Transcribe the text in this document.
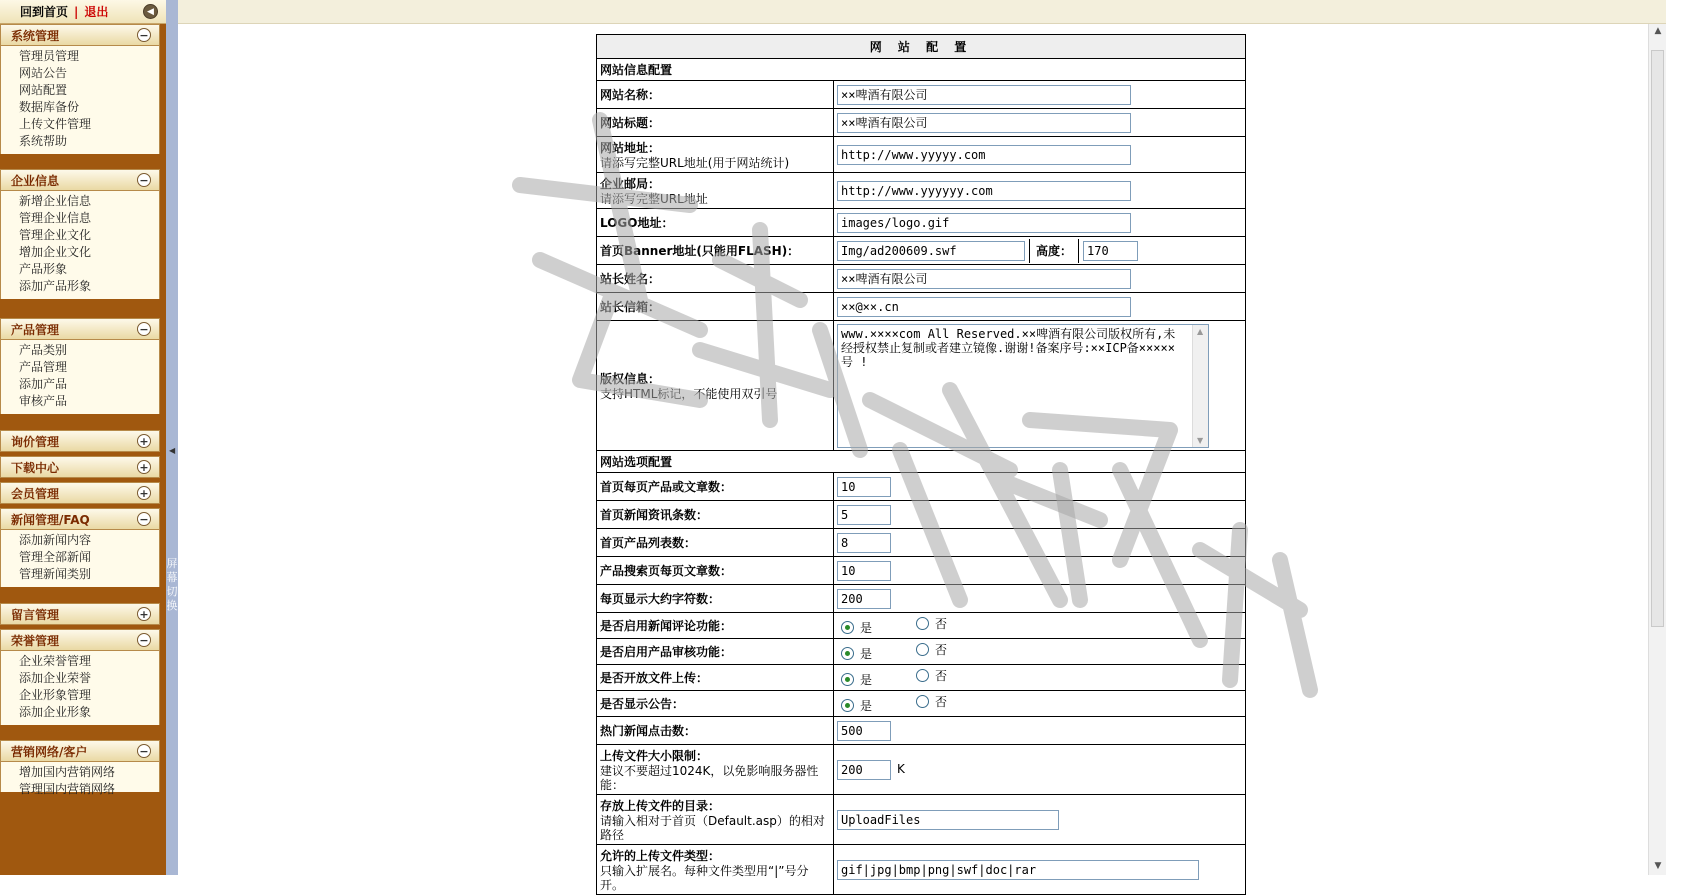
回到首页 | 退出	◀
系统管理	−
管理员管理
网站公告
网站配置
数据库备份
上传文件管理
系统帮助
企业信息	−
新增企业信息
管理企业信息
管理企业文化
增加企业文化
产品形象
添加产品形象
产品管理	−
产品类别
产品管理
添加产品
审核产品
询价管理	+
下载中心	+
会员管理	+
新闻管理/FAQ	−
添加新闻内容
管理全部新闻
管理新闻类别
留言管理	+
荣誉管理	−
企业荣誉管理
添加企业荣誉
企业形象管理
添加企业形象
营销网络/客户	−
增加国内营销网络
管理国内营销网络
◀
屏幕切换
网 站 配 置	
网站信息配置	
网站名称：	××啤酒有限公司
网站标题：	××啤酒有限公司
网站地址：
请添写完整URL地址(用于网站统计)
	http://www.yyyyy.com
企业邮局：
请添写完整URL地址
	http://www.yyyyyy.com
LOGO地址：	images/logo.gif
首页Banner地址(只能用FLASH)：	Img/ad200609.swf高度：170
站长姓名：	××啤酒有限公司
站长信箱：	××@××.cn
版权信息：
支持HTML标记，不能使用双引号

www.××××com All Reserved.××啤酒有限公司版权所有,未经授权禁止复制或者建立镜像.谢谢!备案序号:××ICP备×××××号 !
▲
▼

网站选项配置	
首页每页产品或文章数：	10
首页新闻资讯条数：	5
首页产品列表数：	8
产品搜索页每页文章数：	10
每页显示大约字符数：	200
是否启用新闻评论功能：	是 否

是否启用产品审核功能：	是 否

是否开放文件上传：	是 否

是否显示公告：	是 否

热门新闻点击数：	500
上传文件大小限制：
建议不要超过1024K，以免影响服务器性能：
	200K
存放上传文件的目录：
请输入相对于首页（Default.asp）的相对路径
	UploadFiles
允许的上传文件类型：
只输入扩展名。每种文件类型用“|”号分开。
	gif|jpg|bmp|png|swf|doc|rar
▲
▼
